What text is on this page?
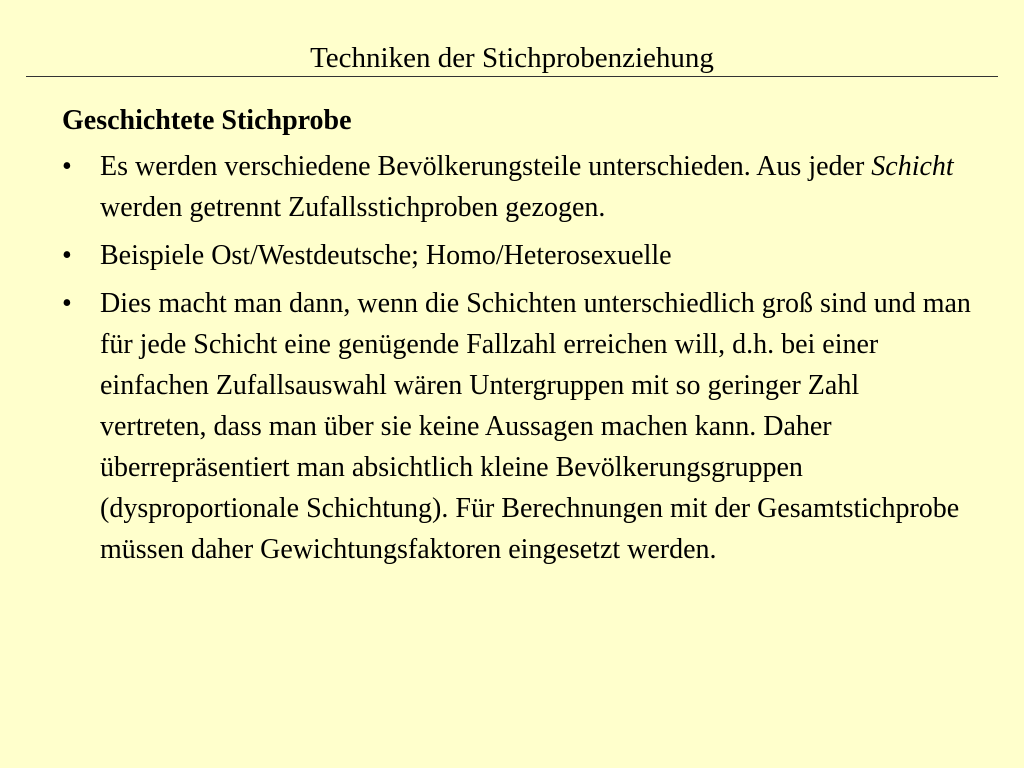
Techniken der Stichprobenziehung
Geschichtete Stichprobe
• Es werden verschiedene Bevölkerungsteile unterschieden. Aus jeder Schicht werden getrennt Zufallsstichproben gezogen.
• Beispiele Ost/Westdeutsche; Homo/Heterosexuelle
• Dies macht man dann, wenn die Schichten unterschiedlich groß sind und man für jede Schicht eine genügende Fallzahl erreichen will, d.h. bei einer einfachen Zufallsauswahl wären Untergruppen mit so geringer Zahl vertreten, dass man über sie keine Aussagen machen kann. Daher überrepräsentiert man absichtlich kleine Bevölkerungsgruppen (dysproportionale Schichtung). Für Berechnungen mit der Gesamtstichprobe müssen daher Gewichtungsfaktoren eingesetzt werden.
